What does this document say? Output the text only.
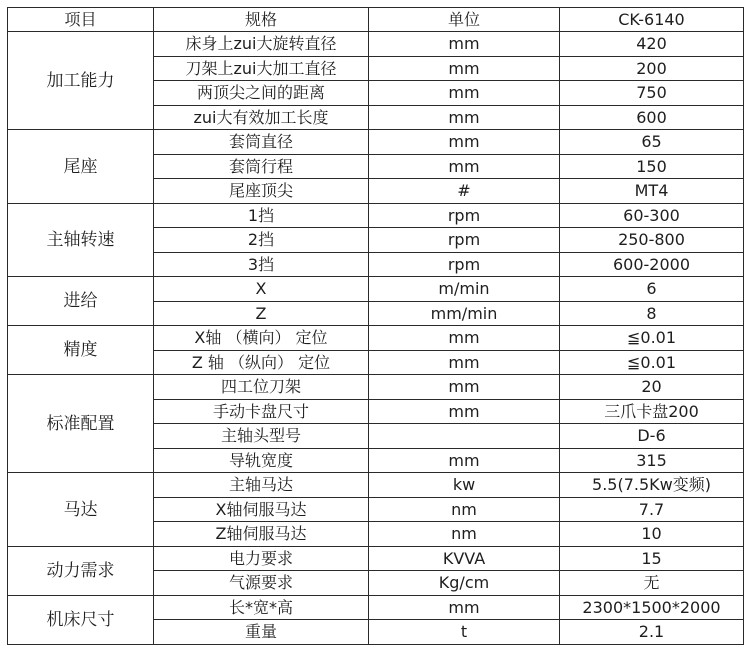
项目	规格	单位	CK-6140
加工能力	床身上zui大旋转直径	mm	420
	刀架上zui大加工直径	mm	200
	两顶尖之间的距离	mm	750
	zui大有效加工长度	mm	600
尾座	套筒直径	mm	65
	套筒行程	mm	150
	尾座顶尖	#	MT4
主轴转速	1挡	rpm	60-300
	2挡	rpm	250-800
	3挡	rpm	600-2000
进给	X	m/min	6
	Z	mm/min	8
精度	X轴 （横向） 定位	mm	≦0.01
	Z 轴 （纵向） 定位	mm	≦0.01
标准配置	四工位刀架	mm	20
	手动卡盘尺寸	mm	三爪卡盘200
	主轴头型号		D-6
	导轨宽度	mm	315
马达	主轴马达	kw	5.5(7.5Kw变频)
	X轴伺服马达	nm	7.7
	Z轴伺服马达	nm	10
动力需求	电力要求	KVVA	15
	气源要求	Kg/cm	无
机床尺寸	长*宽*高	mm	2300*1500*2000
	重量	t	2.1
